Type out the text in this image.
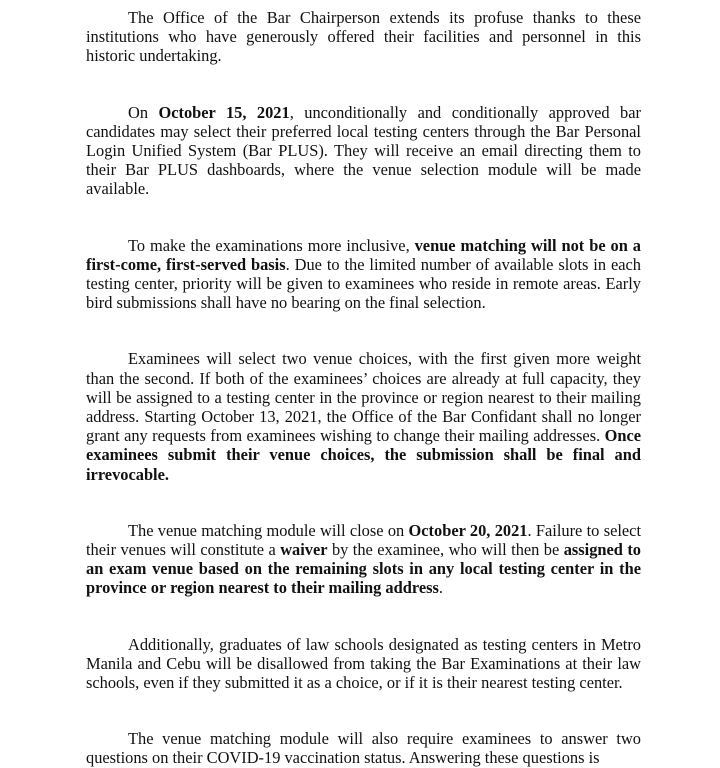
The Office of the Bar Chairperson extends its profuse thanks to these institutions who have generously offered their facilities and personnel in this historic undertaking.

On October 15, 2021, unconditionally and conditionally approved bar candidates may select their preferred local testing centers through the Bar Personal Login Unified System (Bar PLUS). They will receive an email directing them to their Bar PLUS dashboards, where the venue selection module will be made available.

To make the examinations more inclusive, venue matching will not be on a first-come, first-served basis. Due to the limited number of available slots in each testing center, priority will be given to examinees who reside in remote areas. Early bird submissions shall have no bearing on the final selection.

Examinees will select two venue choices, with the first given more weight than the second. If both of the examinees’ choices are already at full capacity, they will be assigned to a testing center in the province or region nearest to their mailing address. Starting October 13, 2021, the Office of the Bar Confidant shall no longer grant any requests from examinees wishing to change their mailing addresses. Once examinees submit their venue choices, the submission shall be final and irrevocable.

The venue matching module will close on October 20, 2021. Failure to select their venues will constitute a waiver by the examinee, who will then be assigned to an exam venue based on the remaining slots in any local testing center in the province or region nearest to their mailing address.

Additionally, graduates of law schools designated as testing centers in Metro Manila and Cebu will be disallowed from taking the Bar Examinations at their law schools, even if they submitted it as a choice, or if it is their nearest testing center.

The venue matching module will also require examinees to answer two questions on their COVID-19 vaccination status. Answering these questions is
